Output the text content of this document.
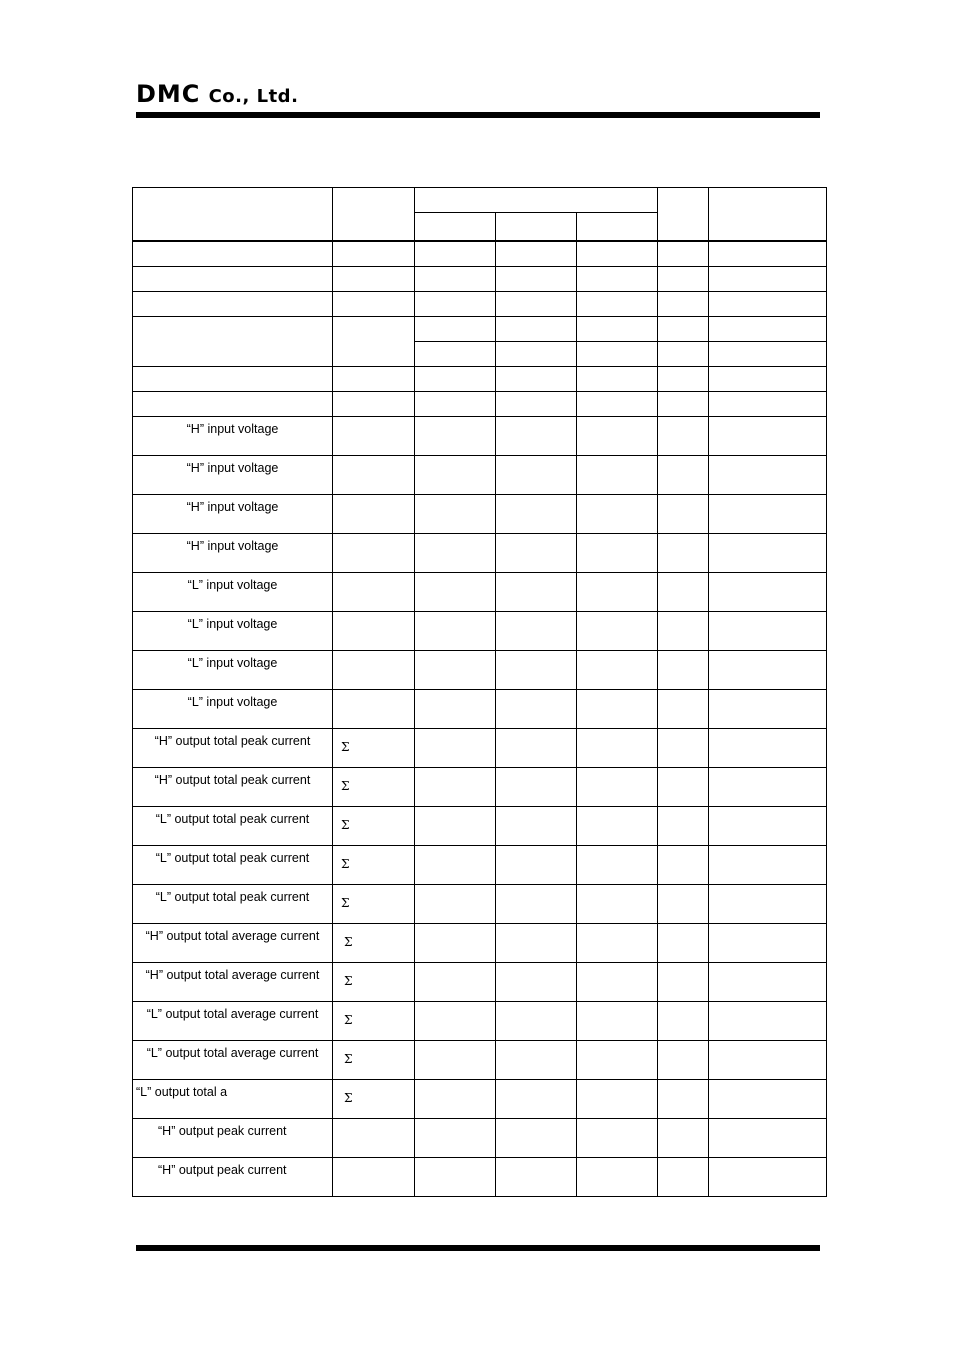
DMC Co., Ltd.

“H” input voltage						

“H” input voltage						

“H” input voltage						

“H” input voltage						

“L” input voltage						

“L” input voltage						

“L” input voltage						

“L” input voltage						

“H” output total peak current	Σ					

“H” output total peak current	Σ					

“L” output total peak current	Σ					

“L” output total peak current	Σ					

“L” output total peak current	Σ					

“H” output total average current	Σ					

“H” output total average current	Σ					

“L” output total average current	Σ					

“L” output total average current	Σ					

“L” output total a	Σ					

“H” output peak current						

“H” output peak current						
